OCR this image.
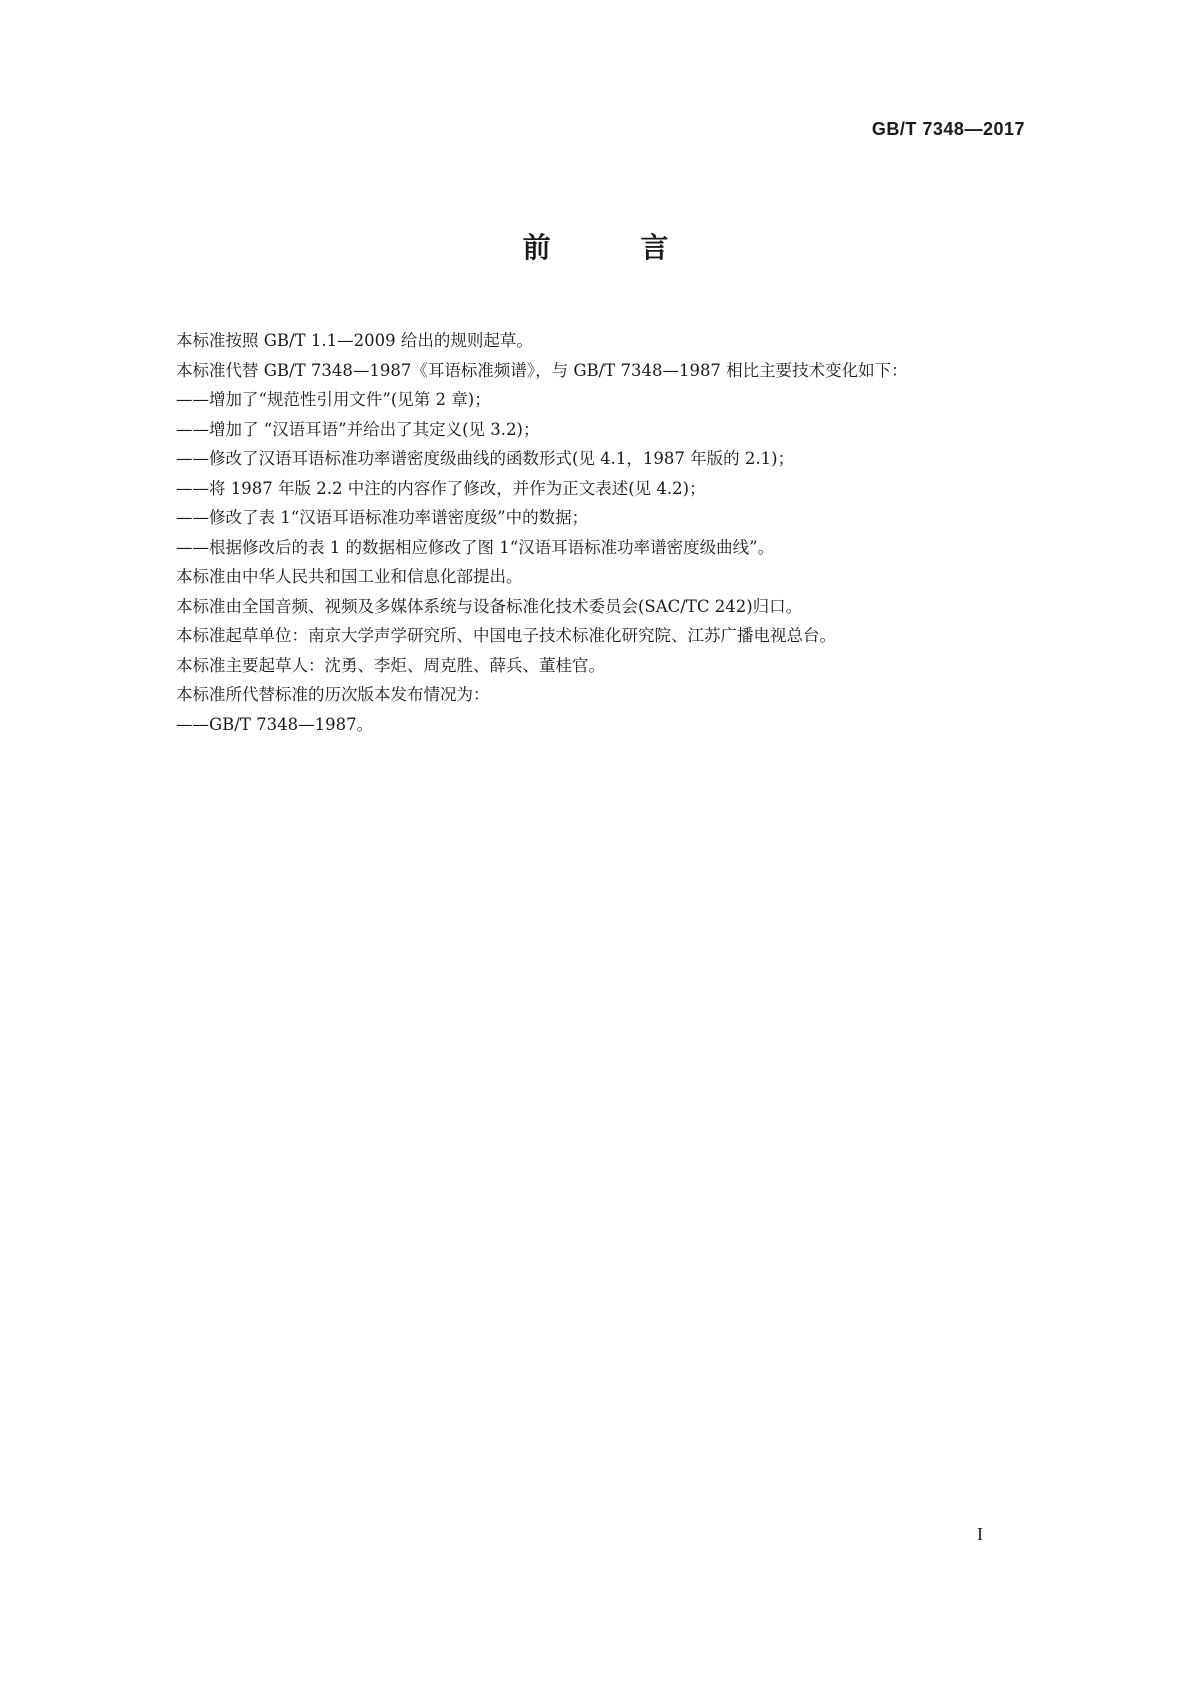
GB/T 7348—2017
前 言
本标准按照 GB/T 1.1—2009 给出的规则起草。
本标准代替 GB/T 7348—1987《耳语标准频谱》，与 GB/T 7348—1987 相比主要技术变化如下：
——增加了“规范性引用文件”(见第 2 章)；
——增加了 “汉语耳语”并给出了其定义(见 3.2)；
——修改了汉语耳语标准功率谱密度级曲线的函数形式(见 4.1，1987 年版的 2.1)；
——将 1987 年版 2.2 中注的内容作了修改，并作为正文表述(见 4.2)；
——修改了表 1“汉语耳语标准功率谱密度级”中的数据；
——根据修改后的表 1 的数据相应修改了图 1“汉语耳语标准功率谱密度级曲线”。
本标准由中华人民共和国工业和信息化部提出。
本标准由全国音频、视频及多媒体系统与设备标准化技术委员会(SAC/TC 242)归口。
本标准起草单位：南京大学声学研究所、中国电子技术标准化研究院、江苏广播电视总台。
本标准主要起草人：沈勇、李炬、周克胜、薛兵、董桂官。
本标准所代替标准的历次版本发布情况为：
——GB/T 7348—1987。
I
